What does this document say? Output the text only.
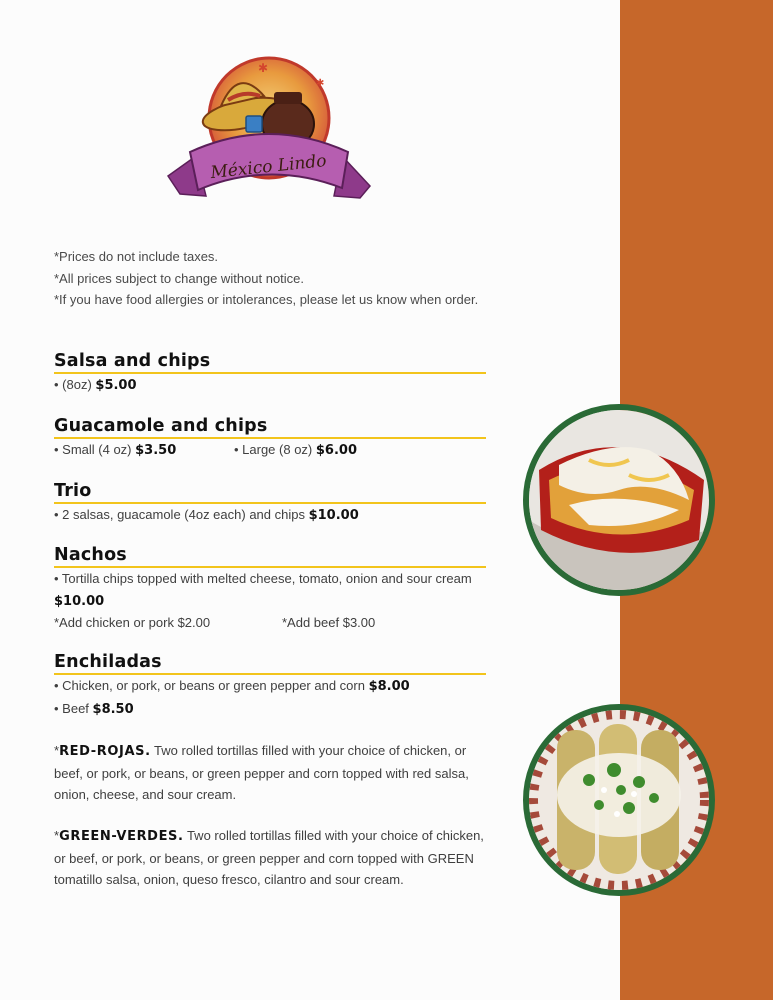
✱
✱
México Lindo

*Prices do not include taxes.

*All prices subject to change without notice.

*If you have food allergies or intolerances, please let us know when order.

Salsa and chips

• (8oz) $5.00

Guacamole and chips
• Small (4 oz) $3.50	• Large (8 oz) $6.00
Trio

• 2 salsas, guacamole (4oz each) and chips $10.00

Nachos

• Tortilla chips topped with melted cheese, tomato, onion and sour cream $10.00

*Add chicken or pork $2.00	*Add beef $3.00
Enchiladas

• Chicken, or pork, or beans or green pepper and corn $8.00

• Beef $8.50

*RED-ROJAS. Two rolled tortillas filled with your choice of chicken, or beef, or pork, or beans, or green pepper and corn topped with red salsa, onion, cheese, and sour cream.
*GREEN-VERDES. Two rolled tortillas filled with your choice of chicken, or beef, or pork, or beans, or green pepper and corn topped with GREEN tomatillo salsa, onion, queso fresco, cilantro and sour cream.
